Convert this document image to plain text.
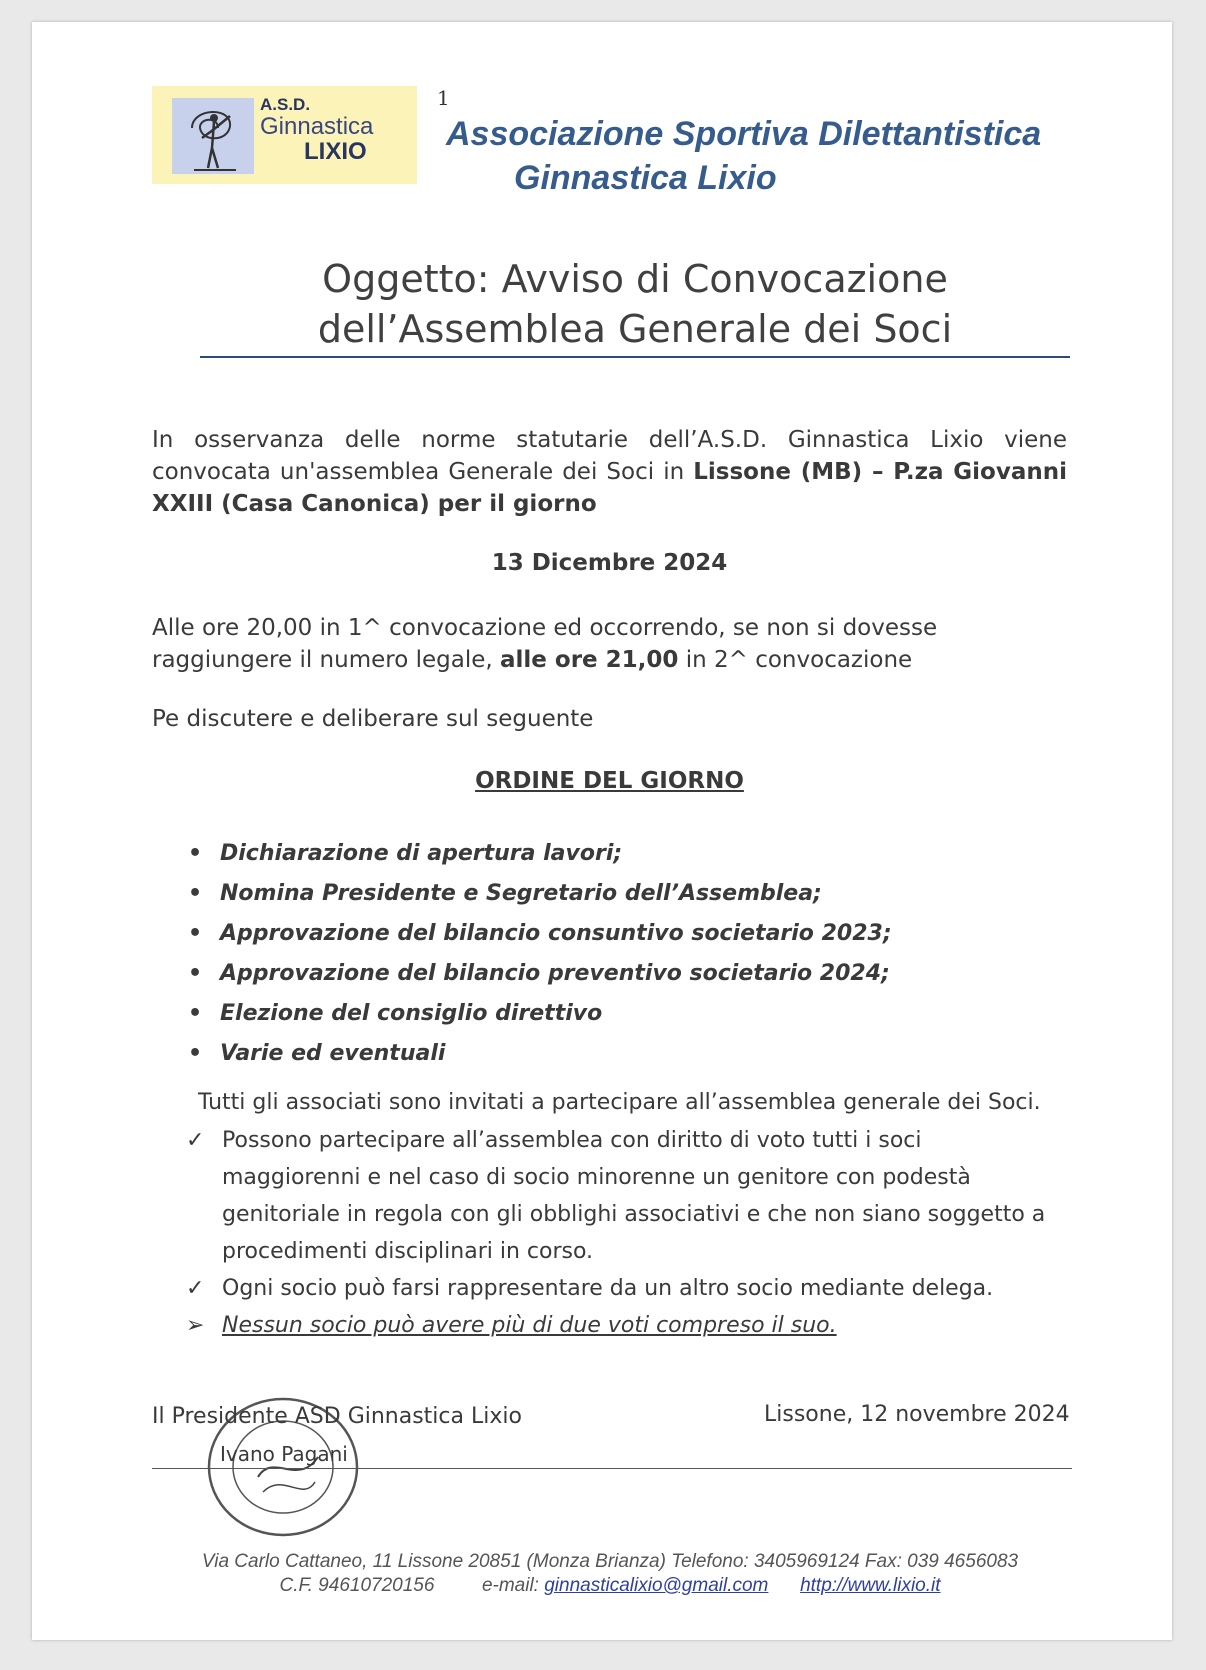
A.S.D.
Ginnastica
LIXIO
1
Associazione Sportiva Dilettantistica
Ginnastica Lixio
Oggetto: Avviso di Convocazione
dell’Assemblea Generale dei Soci
In osservanza delle norme statutarie dell’A.S.D. Ginnastica Lixio viene convocata un'assemblea Generale dei Soci in Lissone (MB) – P.za Giovanni XXIII (Casa Canonica) per il giorno
13 Dicembre 2024
Alle ore 20,00 in 1^ convocazione ed occorrendo, se non si dovesse raggiungere il numero legale, alle ore 21,00 in 2^ convocazione
Pe discutere e deliberare sul seguente
ORDINE DEL GIORNO
• Dichiarazione di apertura lavori;
• Nomina Presidente e Segretario dell’Assemblea;
• Approvazione del bilancio consuntivo societario 2023;
• Approvazione del bilancio preventivo societario 2024;
• Elezione del consiglio direttivo
• Varie ed eventuali
Tutti gli associati sono invitati a partecipare all’assemblea generale dei Soci.
✓ Possono partecipare all’assemblea con diritto di voto tutti i soci maggiorenni e nel caso di socio minorenne un genitore con podestà genitoriale in regola con gli obblighi associativi e che non siano soggetto a procedimenti disciplinari in corso.
✓ Ogni socio può farsi rappresentare da un altro socio mediante delega.
➢ Nessun socio può avere più di due voti compreso il suo.
Il Presidente ASD Ginnastica Lixio
Ivano Pagani
Lissone, 12 novembre 2024
Via Carlo Cattaneo, 11 Lissone 20851 (Monza Brianza) Telefono: 3405969124 Fax: 039 4656083
C.F. 94610720156	e-mail: ginnasticalixio@gmail.com http://www.lixio.it
